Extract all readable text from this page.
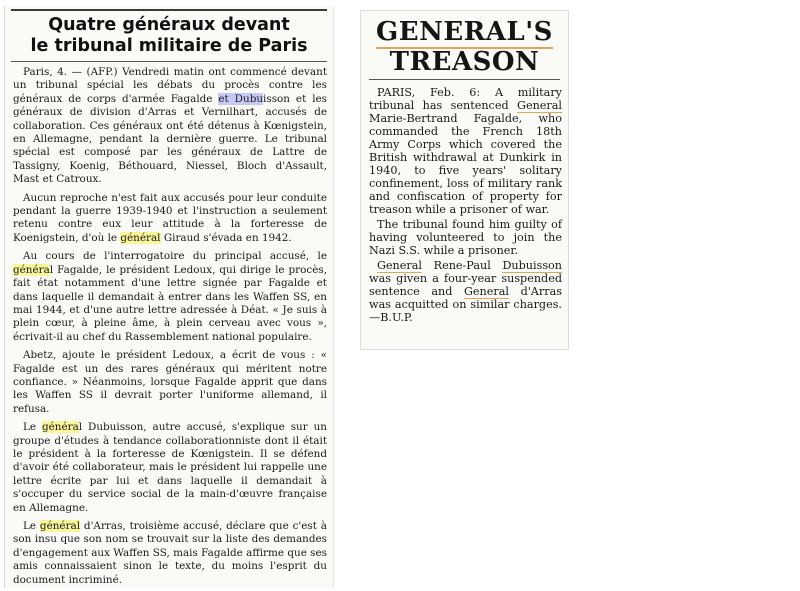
Quatre généraux devant
le tribunal militaire de Paris

Paris, 4. — (AFP.) Vendredi matin ont commencé devant un tribunal spécial les débats du procès contre les généraux de corps d'armée Fagalde et Dubuisson et les généraux de division d'Arras et Vernilhart, accusés de collaboration. Ces généraux ont été détenus à Kœnigstein, en Allemagne, pendant la dernière guerre. Le tribunal spécial est composé par les généraux de Lattre de Tassigny, Koenig, Béthouard, Niessel, Bloch d'Assault, Mast et Catroux.

Aucun reproche n'est fait aux accusés pour leur conduite pendant la guerre 1939-1940 et l'instruction a seulement retenu contre eux leur attitude à la forteresse de Koenigstein, d'où le général Giraud s'évada en 1942.

Au cours de l'interrogatoire du principal accusé, le général Fagalde, le président Ledoux, qui dirige le procès, fait état notamment d'une lettre signée par Fagalde et dans laquelle il demandait à entrer dans les Waffen SS, en mai 1944, et d'une autre lettre adressée à Déat. « Je suis à plein cœur, à pleine âme, à plein cerveau avec vous », écrivait-il au chef du Rassemblement national populaire.

Abetz, ajoute le président Ledoux, a écrit de vous : « Fagalde est un des rares généraux qui méritent notre confiance. » Néanmoins, lorsque Fagalde apprit que dans les Waffen SS il devrait porter l'uniforme allemand, il refusa.

Le général Dubuisson, autre accusé, s'explique sur un groupe d'études à tendance collaborationniste dont il était le président à la forteresse de Kœnigstein. Il se défend d'avoir été collaborateur, mais le président lui rappelle une lettre écrite par lui et dans laquelle il demandait à s'occuper du service social de la main-d'œuvre française en Allemagne.

Le général d'Arras, troisième accusé, déclare que c'est à son insu que son nom se trouvait sur la liste des demandes d'engagement aux Waffen SS, mais Fagalde affirme que ses amis connaissaient sinon le texte, du moins l'esprit du document incriminé.

GENERAL'S
TREASON

PARIS, Feb. 6: A military tribunal has sentenced General Marie-Bertrand Fagalde, who commanded the French 18th Army Corps which covered the British withdrawal at Dunkirk in 1940, to five years' solitary confinement, loss of military rank and confiscation of property for treason while a prisoner of war.

The tribunal found him guilty of having volunteered to join the Nazi S.S. while a prisoner.

General Rene-Paul Dubuisson was given a four-year suspended sentence and General d'Arras was acquitted on similar charges.—B.U.P.
